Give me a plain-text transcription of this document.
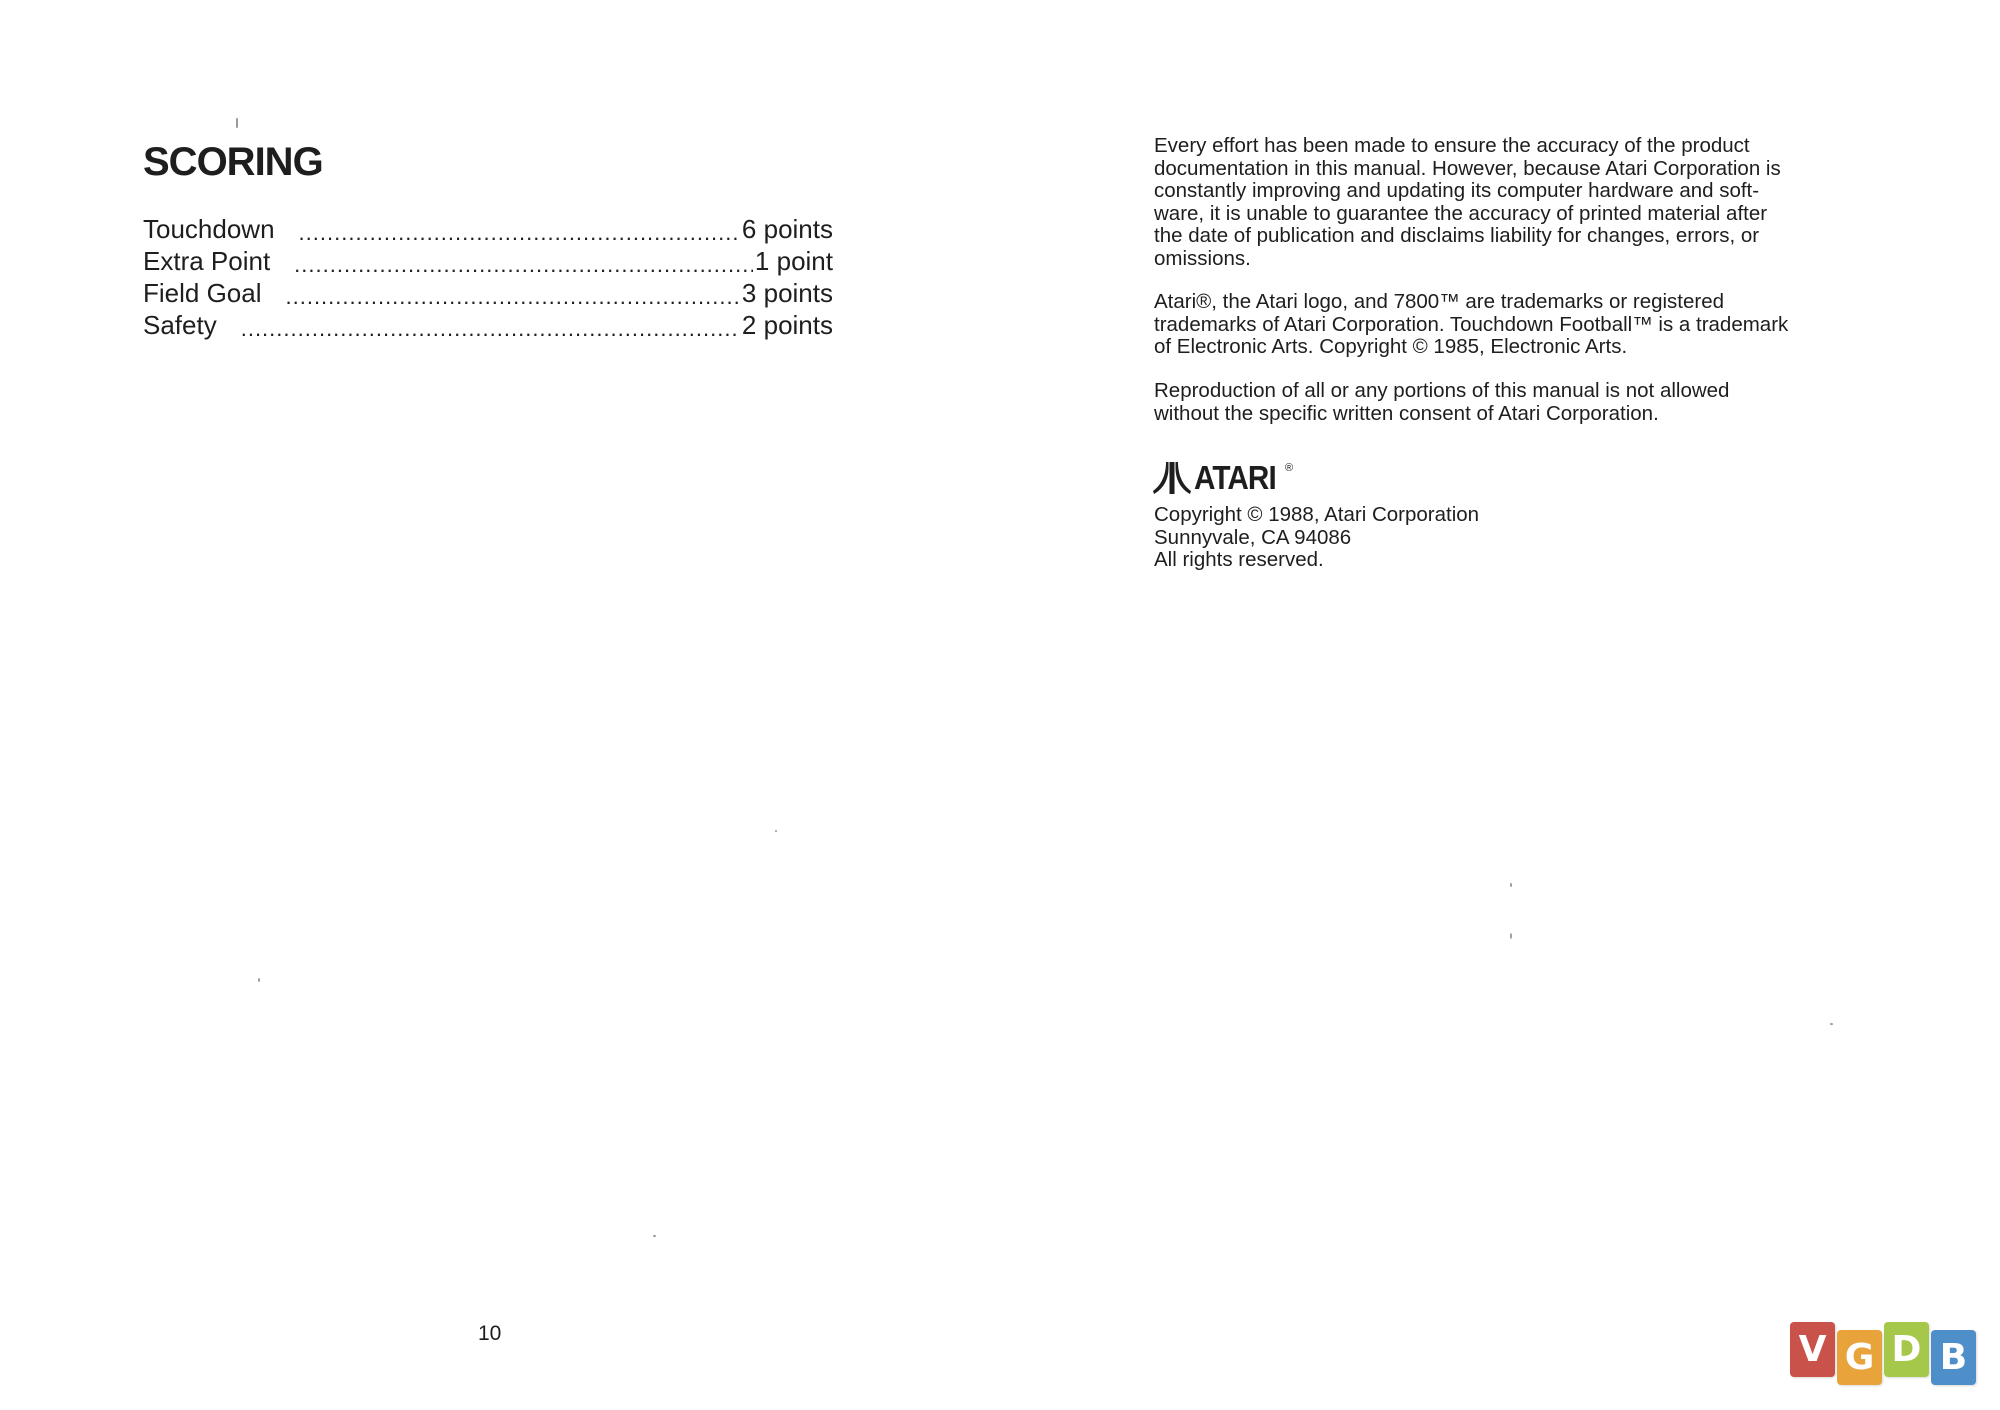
SCORING
Touchdown .....	6 points
Extra Point .....	1 point
Field Goal .....	3 points
Safety .....	2 points
10
Every effort has been made to ensure the accuracy of the product
documentation in this manual. However, because Atari Corporation is
constantly improving and updating its computer hardware and soft-
ware, it is unable to guarantee the accuracy of printed material after
the date of publication and disclaims liability for changes, errors, or
omissions.
Atari®, the Atari logo, and 7800™ are trademarks or registered
trademarks of Atari Corporation. Touchdown Football™ is a trademark
of Electronic Arts. Copyright © 1985, Electronic Arts.
Reproduction of all or any portions of this manual is not allowed
without the specific written consent of Atari Corporation.
ATARI ®
Copyright © 1988, Atari Corporation
Sunnyvale, CA 94086
All rights reserved.
V G D B
